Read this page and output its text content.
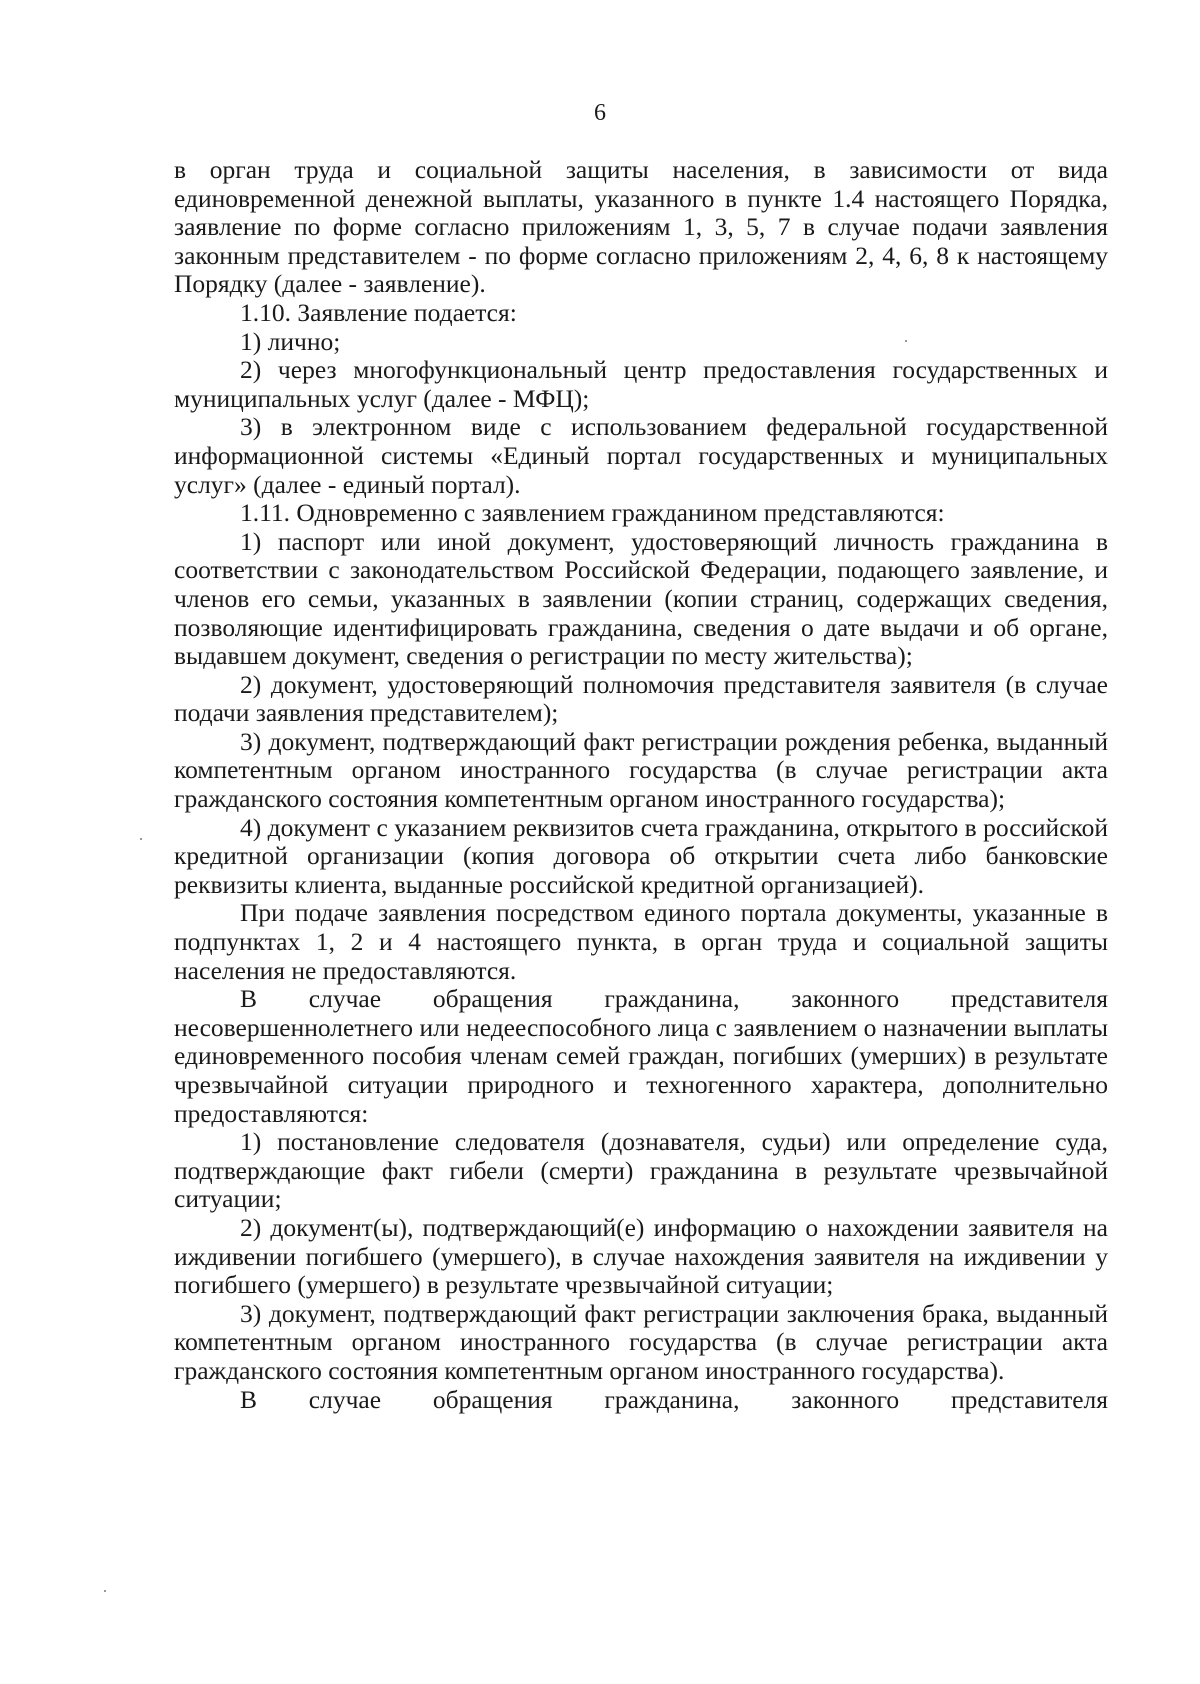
6

в орган труда и социальной защиты населения, в зависимости от вида единовременной денежной выплаты, указанного в пункте 1.4 настоящего Порядка, заявление по форме согласно приложениям 1, 3, 5, 7 в случае подачи заявления законным представителем - по форме согласно приложениям 2, 4, 6, 8 к настоящему Порядку (далее - заявление).

1.10. Заявление подается:

1) лично;

2) через многофункциональный центр предоставления государственных и муниципальных услуг (далее - МФЦ);

3) в электронном виде с использованием федеральной государственной информационной системы «Единый портал государственных и муниципальных услуг» (далее - единый портал).

1.11. Одновременно с заявлением гражданином представляются:

1) паспорт или иной документ, удостоверяющий личность гражданина в соответствии с законодательством Российской Федерации, подающего заявление, и членов его семьи, указанных в заявлении (копии страниц, содержащих сведения, позволяющие идентифицировать гражданина, сведения о дате выдачи и об органе, выдавшем документ, сведения о регистрации по месту жительства);

2) документ, удостоверяющий полномочия представителя заявителя (в случае подачи заявления представителем);

3) документ, подтверждающий факт регистрации рождения ребенка, выданный компетентным органом иностранного государства (в случае регистрации акта гражданского состояния компетентным органом иностранного государства);

4) документ с указанием реквизитов счета гражданина, открытого в российской кредитной организации (копия договора об открытии счета либо банковские реквизиты клиента, выданные российской кредитной организацией).

При подаче заявления посредством единого портала документы, указанные в подпунктах 1, 2 и 4 настоящего пункта, в орган труда и социальной защиты населения не предоставляются.

В случае обращения гражданина, законного представителя несовершеннолетнего или недееспособного лица с заявлением о назначении выплаты единовременного пособия членам семей граждан, погибших (умерших) в результате чрезвычайной ситуации природного и техногенного характера, дополнительно предоставляются:

1) постановление следователя (дознавателя, судьи) или определение суда, подтверждающие факт гибели (смерти) гражданина в результате чрезвычайной ситуации;

2) документ(ы), подтверждающий(е) информацию о нахождении заявителя на иждивении погибшего (умершего), в случае нахождения заявителя на иждивении у погибшего (умершего) в результате чрезвычайной ситуации;

3) документ, подтверждающий факт регистрации заключения брака, выданный компетентным органом иностранного государства (в случае регистрации акта гражданского состояния компетентным органом иностранного государства).

В случае обращения гражданина, законного представителя
